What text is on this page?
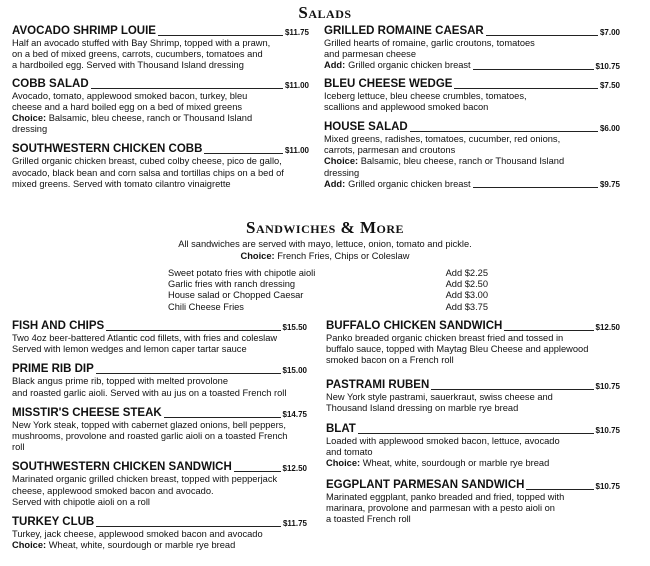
Salads
AVOCADO SHRIMP LOUIE	$11.75
Half an avocado stuffed with Bay Shrimp, topped with a prawn,
on a bed of mixed greens, carrots, cucumbers, tomatoes and
a hardboiled egg. Served with Thousand Island dressing
COBB SALAD	$11.00
Avocado, tomato, applewood smoked bacon, turkey, bleu
cheese and a hard boiled egg on a bed of mixed greens
Choice: Balsamic, bleu cheese, ranch or Thousand Island
dressing
SOUTHWESTERN CHICKEN COBB	$11.00
Grilled organic chicken breast, cubed colby cheese, pico de gallo,
avocado, black bean and corn salsa and tortillas chips on a bed of
mixed greens. Served with tomato cilantro vinaigrette
GRILLED ROMAINE CAESAR	$7.00
Grilled hearts of romaine, garlic croutons, tomatoes
and parmesan cheese
Add: Grilled organic chicken breast	$10.75
BLEU CHEESE WEDGE	$7.50
Iceberg lettuce, bleu cheese crumbles, tomatoes,
scallions and applewood smoked bacon
HOUSE SALAD	$6.00
Mixed greens, radishes, tomatoes, cucumber, red onions,
carrots, parmesan and croutons
Choice: Balsamic, bleu cheese, ranch or Thousand Island
dressing
Add: Grilled organic chicken breast	$9.75
Sandwiches & More
All sandwiches are served with mayo, lettuce, onion, tomato and pickle.
Choice: French Fries, Chips or Coleslaw
Sweet potato fries with chipotle aioli	Add $2.25
Garlic fries with ranch dressing	Add $2.50
House salad or Chopped Caesar	Add $3.00
Chili Cheese Fries	Add $3.75
FISH AND CHIPS	$15.50
Two 4oz beer-battered Atlantic cod fillets, with fries and coleslaw
Served with lemon wedges and lemon caper tartar sauce
PRIME RIB DIP	$15.00
Black angus prime rib, topped with melted provolone
and roasted garlic aioli. Served with au jus on a toasted French roll
MISSTIR'S CHEESE STEAK	$14.75
New York steak, topped with cabernet glazed onions, bell peppers,
mushrooms, provolone and roasted garlic aioli on a toasted French
roll
SOUTHWESTERN CHICKEN SANDWICH	$12.50
Marinated organic grilled chicken breast, topped with pepperjack
cheese, applewood smoked bacon and avocado.
Served with chipotle aioli on a roll
TURKEY CLUB	$11.75
Turkey, jack cheese, applewood smoked bacon and avocado
Choice: Wheat, white, sourdough or marble rye bread
BUFFALO CHICKEN SANDWICH	$12.50
Panko breaded organic chicken breast fried and tossed in
buffalo sauce, topped with Maytag Bleu Cheese and applewood
smoked bacon on a French roll
PASTRAMI RUBEN	$10.75
New York style pastrami, sauerkraut, swiss cheese and
Thousand Island dressing on marble rye bread
BLAT	$10.75
Loaded with applewood smoked bacon, lettuce, avocado
and tomato
Choice: Wheat, white, sourdough or marble rye bread
EGGPLANT PARMESAN SANDWICH	$10.75
Marinated eggplant, panko breaded and fried, topped with
marinara, provolone and parmesan with a pesto aioli on
a toasted French roll
